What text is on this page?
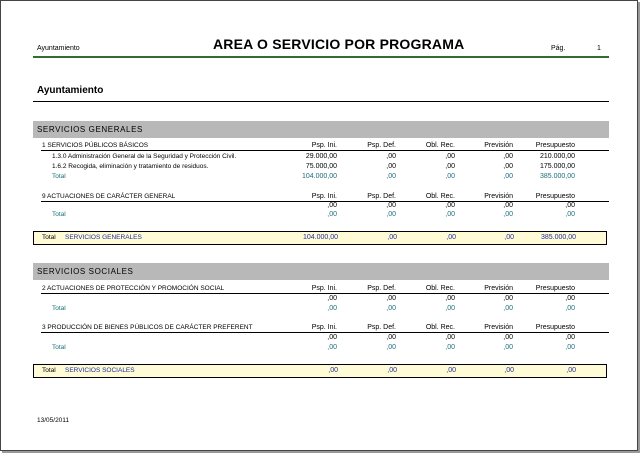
Ayuntamiento	AREA O SERVICIO POR PROGRAMA	Pág.	1
Ayuntamiento
SERVICIOS GENERALES
1 SERVICIOS PÚBLICOS BÁSICOS	Psp. Ini.	Psp. Def.	Obl. Rec.	Previsión	Presupuesto
1.3.0 Administración General de la Seguridad y Protección Civil.	29.000,00	,00	,00	,00	210.000,00
1.6.2 Recogida, eliminación y tratamiento de residuos.	75.000,00	,00	,00	,00	175.000,00
Total	104.000,00	,00	,00	,00	385.000,00
9 ACTUACIONES DE CARÁCTER GENERAL	Psp. Ini.	Psp. Def.	Obl. Rec.	Previsión	Presupuesto
,00	,00	,00	,00	,00
Total	,00	,00	,00	,00	,00
Total SERVICIOS GENERALES	104.000,00	,00	,00	,00	385.000,00
SERVICIOS SOCIALES
2 ACTUACIONES DE PROTECCIÓN Y PROMOCIÓN SOCIAL	Psp. Ini.	Psp. Def.	Obl. Rec.	Previsión	Presupuesto
,00	,00	,00	,00	,00
Total	,00	,00	,00	,00	,00
3 PRODUCCIÓN DE BIENES PÚBLICOS DE CARÁCTER PREFERENT	Psp. Ini.	Psp. Def.	Obl. Rec.	Previsión	Presupuesto
,00	,00	,00	,00	,00
Total	,00	,00	,00	,00	,00
Total SERVICIOS SOCIALES	,00	,00	,00	,00	,00
13/05/2011
